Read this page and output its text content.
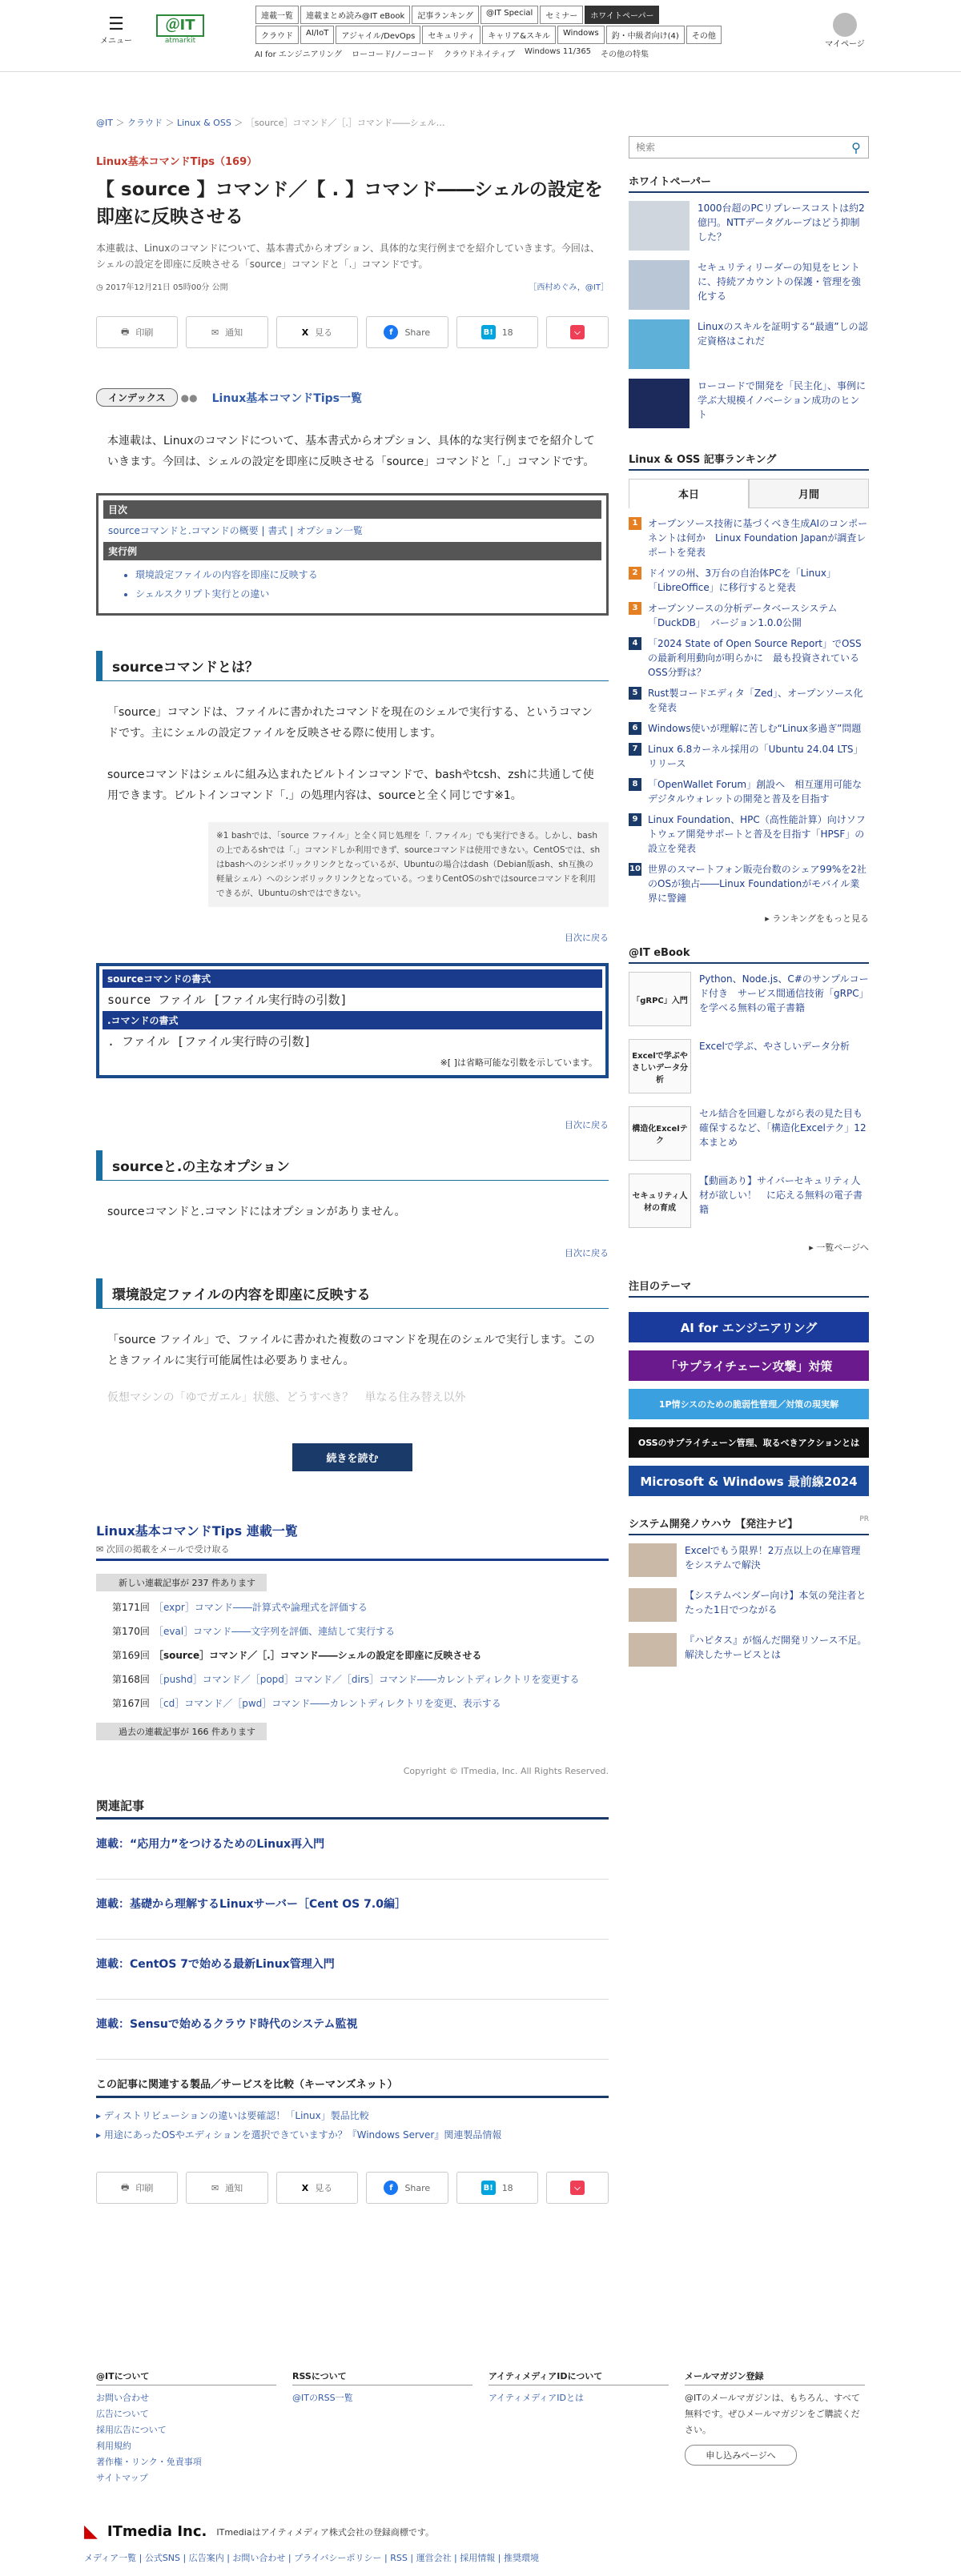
☰
メニュー
＠IT
atmarkit
連載一覧	連載まとめ読み@IT eBook	記事ランキング	@IT Special	セミナー	ホワイトペーパー
クラウド	AI/IoT	アジャイル/DevOps	セキュリティ	キャリア&スキル	Windows	釣・中級者向け(4)	その他
AI for エンジニアリング ローコード/ノーコード クラウドネイティブ Windows 11/365 その他の特集
マイページ
@IT ＞ クラウド ＞ Linux & OSS ＞ ［source］コマンド／［.］コマンド――シェル…
Linux基本コマンドTips（169）
【 source 】コマンド／【 . 】コマンド――シェルの設定を即座に反映させる
本連載は、Linuxのコマンドについて、基本書式からオプション、具体的な実行例までを紹介していきます。今回は、シェルの設定を即座に反映させる「source」コマンドと「.」コマンドです。
◷ 2017年12月21日 05時00分 公開	［西村めぐみ，@IT］
🖶 印刷	✉ 通知	X 見る	f	Share	B! 18	⌵
インデックス	●● Linux基本コマンドTips一覧
本連載は、Linuxのコマンドについて、基本書式からオプション、具体的な実行例までを紹介していきます。今回は、シェルの設定を即座に反映させる「source」コマンドと「.」コマンドです。
目次
sourceコマンドと.コマンドの概要 | 書式 | オプション一覧
実行例
• 環境設定ファイルの内容を即座に反映する
• シェルスクリプト実行との違い
sourceコマンドとは？
「source」コマンドは、ファイルに書かれたコマンドを現在のシェルで実行する、というコマンドです。主にシェルの設定ファイルを反映させる際に使用します。
sourceコマンドはシェルに組み込まれたビルトインコマンドで、bashやtcsh、zshに共通して使用できます。ビルトインコマンド「.」の処理内容は、sourceと全く同じです※1。
※1 bashでは、「source ファイル」と全く同じ処理を「. ファイル」でも実行できる。しかし、bashの上であるshでは「.」コマンドしか利用できず、sourceコマンドは使用できない。CentOSでは、shはbashへのシンボリックリンクとなっているが、Ubuntuの場合はdash（Debian版ash、sh互換の軽量シェル）へのシンボリックリンクとなっている。つまりCentOSのshではsourceコマンドを利用できるが、Ubuntuのshではできない。
目次に戻る
sourceコマンドの書式
source ファイル [ファイル実行時の引数]
.コマンドの書式
. ファイル [ファイル実行時の引数]
※[ ]は省略可能な引数を示しています。
目次に戻る
sourceと.の主なオプション
sourceコマンドと.コマンドにはオプションがありません。
目次に戻る
環境設定ファイルの内容を即座に反映する
「source ファイル」で、ファイルに書かれた複数のコマンドを現在のシェルで実行します。このときファイルに実行可能属性は必要ありません。
仮想マシンの「ゆでガエル」状態、どうすべき？　単なる住み替え以外
続きを読む
Linux基本コマンドTips 連載一覧
✉ 次回の掲載をメールで受け取る
新しい連載記事が 237 件あります
第171回 ［expr］コマンド――計算式や論理式を評価する
第170回 ［eval］コマンド――文字列を評価、連結して実行する
第169回 ［source］コマンド／［.］コマンド――シェルの設定を即座に反映させる
第168回 ［pushd］コマンド／［popd］コマンド／［dirs］コマンド――カレントディレクトリを変更する
第167回 ［cd］コマンド／［pwd］コマンド――カレントディレクトリを変更、表示する
過去の連載記事が 166 件あります
Copyright © ITmedia, Inc. All Rights Reserved.
関連記事
連載：“応用力”をつけるためのLinux再入門
連載：基礎から理解するLinuxサーバー［Cent OS 7.0編］
連載：CentOS 7で始める最新Linux管理入門
連載：Sensuで始めるクラウド時代のシステム監視
この記事に関連する製品／サービスを比較（キーマンズネット）
▸ ディストリビューションの違いは要確認！「Linux」製品比較
▸ 用途にあったOSやエディションを選択できていますか？『Windows Server』関連製品情報
🖶 印刷	✉ 通知	X 見る	f	Share	B! 18	⌵
検索
⚲
ホワイトペーパー
1000台超のPCリプレースコストは約2億円。NTTデータグループはどう抑制した？
セキュリティリーダーの知見をヒントに、持続アカウントの保護・管理を強化する
Linuxのスキルを証明する“最適”しの認定資格はこれだ
ローコードで開発を「民主化」、事例に学ぶ大規模イノベーション成功のヒント
Linux & OSS 記事ランキング
本日	月間
1	オープンソース技術に基づくべき生成AIのコンポーネントは何か　Linux Foundation Japanが調査レポートを発表
2	ドイツの州、3万台の自治体PCを「Linux」「LibreOffice」に移行すると発表
3	オープンソースの分析データベースシステム「DuckDB」　バージョン1.0.0公開
4	「2024 State of Open Source Report」でOSSの最新利用動向が明らかに　最も投資されているOSS分野は？
5	Rust製コードエディタ「Zed」、オープンソース化を発表
6	Windows使いが理解に苦しむ“Linux多過ぎ”問題
7	Linux 6.8カーネル採用の「Ubuntu 24.04 LTS」リリース
8	「OpenWallet Forum」創設へ　相互運用可能なデジタルウォレットの開発と普及を目指す
9	Linux Foundation、HPC（高性能計算）向けソフトウェア開発サポートと普及を目指す「HPSF」の設立を発表
10 世界のスマートフォン販売台数のシェア99%を2社のOSが独占――Linux Foundationがモバイル業界に警鐘
▸ ランキングをもっと見る
@IT eBook
「gRPC」入門
Python、Node.js、C#のサンプルコード付き　サービス間通信技術「gRPC」を学べる無料の電子書籍
Excelで学ぶやさしいデータ分析
Excelで学ぶ、やさしいデータ分析
構造化Excelテク
セル結合を回避しながら表の見た目も確保するなど、「構造化Excelテク」12本まとめ
セキュリティ人材の育成
【動画あり】サイバーセキュリティ人材が欲しい！　に応える無料の電子書籍
▸ 一覧ページへ
注目のテーマ
AI for エンジニアリング
「サプライチェーン攻撃」対策
1P情シスのための脆弱性管理／対策の現実解
OSSのサプライチェーン管理、取るべきアクションとは
Microsoft & Windows 最前線2024
システム開発ノウハウ 【発注ナビ】	PR
Excelでもう限界！2万点以上の在庫管理をシステムで解決
【システムベンダー向け】本気の発注者とたった1日でつながる
『ハピタス』が悩んだ開発リソース不足。解決したサービスとは
@ITについて
お問い合わせ
広告について
採用広告について
利用規約
著作権・リンク・免責事項
サイトマップ
RSSについて
@ITのRSS一覧
アイティメディアIDについて
アイティメディアIDとは
メールマガジン登録
@ITのメールマガジンは、もちろん、すべて無料です。ぜひメールマガジンをご購読ください。
申し込みページへ
◣ ITmedia Inc. ITmediaはアイティメディア株式会社の登録商標です。
メディア一覧 | 公式SNS | 広告案内 | お問い合わせ | プライバシーポリシー | RSS | 運営会社 | 採用情報 | 推奨環境
